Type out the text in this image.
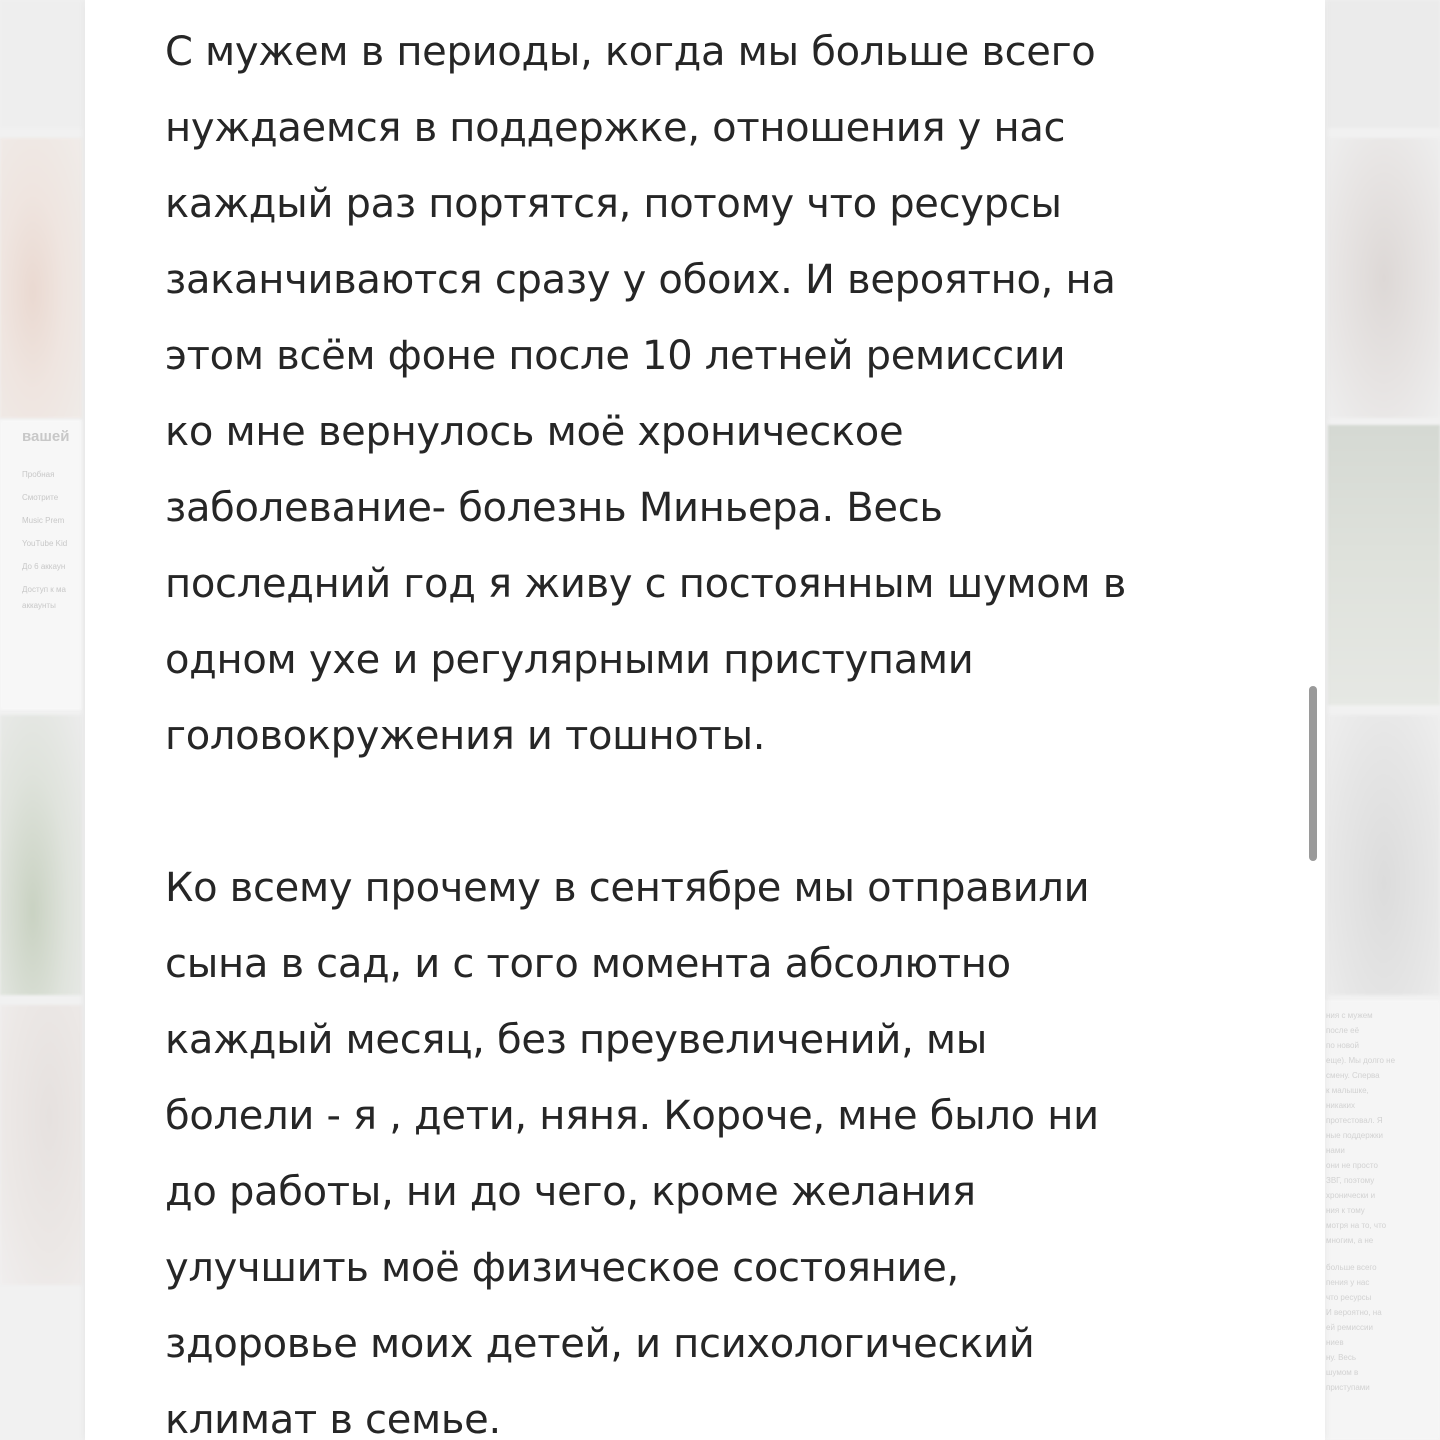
вашей
Пробная
Смотрите
Music Prem
YouTube Kid
До 6 аккаун
Доступ к ма
аккаунты
ния с мужем
после её
по новой
еще). Мы долго не
смену. Сперва
к малышке,
никаких
протестовал. Я
ные поддержки
нами
они не просто
ЗВГ, поэтому
хронически и
ния к тому
мотря на то, что
многим, а не
больше всего
пения у нас
что ресурсы
И вероятно, на
ей ремиссии
ниев
ну. Весь
шумом в
приступами
С мужем в периоды, когда мы больше всего
нуждаемся в поддержке, отношения у нас
каждый раз портятся, потому что ресурсы
заканчиваются сразу у обоих. И вероятно, на
этом всём фоне после 10 летней ремиссии
ко мне вернулось моё хроническое
заболевание- болезнь Миньера. Весь
последний год я живу с постоянным шумом в
одном ухе и регулярными приступами
головокружения и тошноты.
Ко всему прочему в сентябре мы отправили
сына в сад, и с того момента абсолютно
каждый месяц, без преувеличений, мы
болели - я , дети, няня. Короче, мне было ни
до работы, ни до чего, кроме желания
улучшить моё физическое состояние,
здоровье моих детей, и психологический
климат в семье.
